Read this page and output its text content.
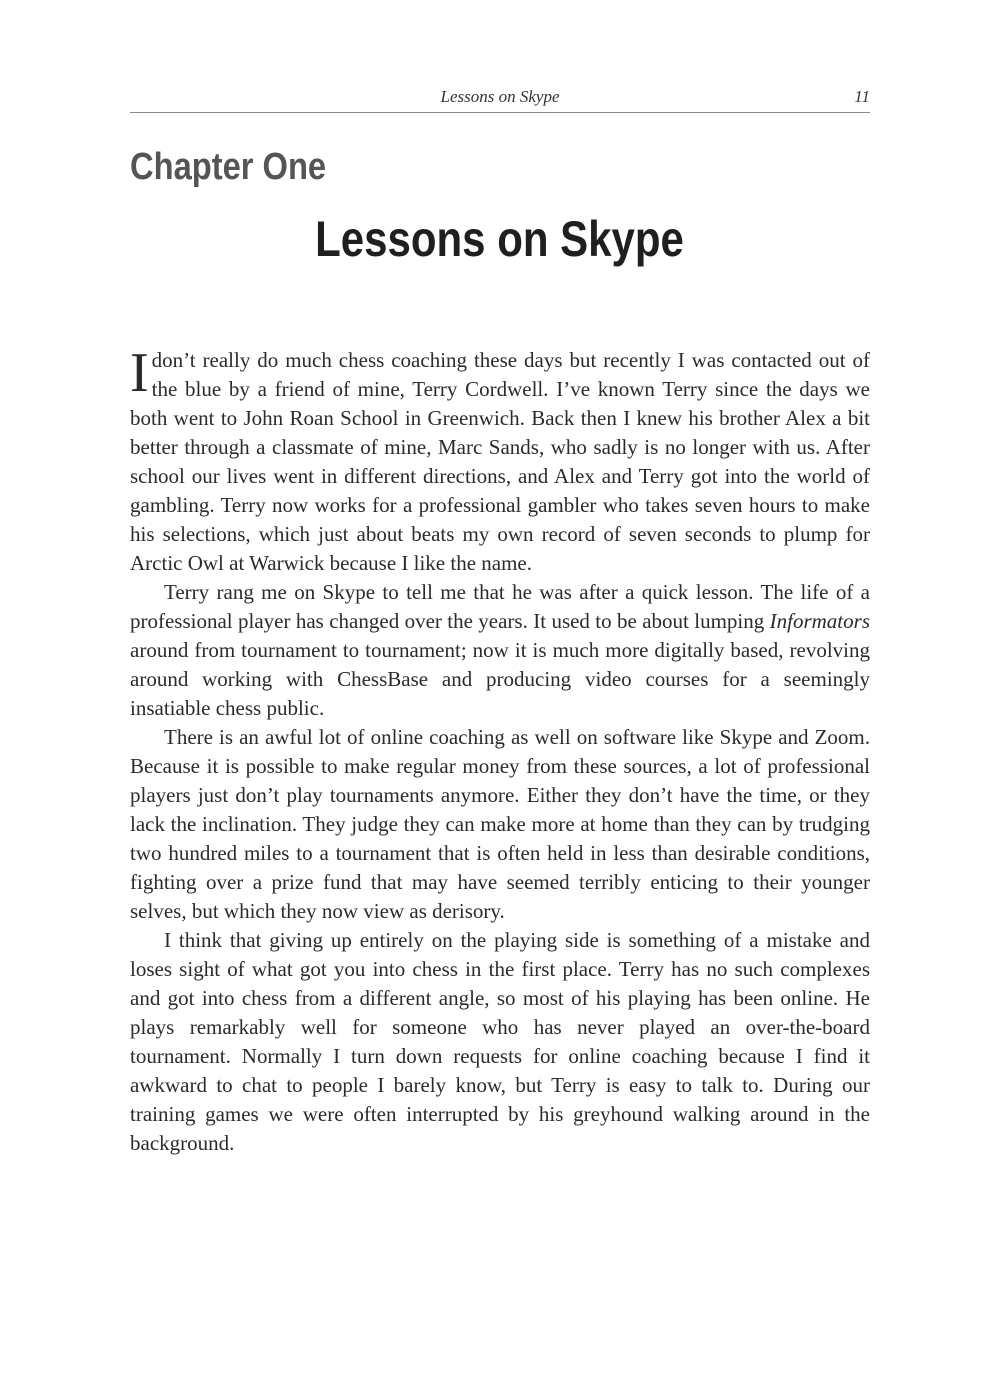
Lessons on Skype	11
Chapter One
Lessons on Skype

I don’t really do much chess coaching these days but recently I was contacted out of the blue by a friend of mine, Terry Cordwell. I’ve known Terry since the days we both went to John Roan School in Greenwich. Back then I knew his brother Alex a bit better through a classmate of mine, Marc Sands, who sadly is no longer with us. After school our lives went in different directions, and Alex and Terry got into the world of gambling. Terry now works for a professional gambler who takes seven hours to make his selections, which just about beats my own record of seven seconds to plump for Arctic Owl at Warwick because I like the name.

Terry rang me on Skype to tell me that he was after a quick lesson. The life of a professional player has changed over the years. It used to be about lumping Informators around from tournament to tournament; now it is much more digitally based, revolving around working with ChessBase and producing video courses for a seemingly insatiable chess public.

There is an awful lot of online coaching as well on software like Skype and Zoom. Because it is possible to make regular money from these sources, a lot of professional players just don’t play tournaments anymore. Either they don’t have the time, or they lack the inclination. They judge they can make more at home than they can by trudging two hundred miles to a tournament that is often held in less than desirable conditions, fighting over a prize fund that may have seemed terribly enticing to their younger selves, but which they now view as derisory.

I think that giving up entirely on the playing side is something of a mistake and loses sight of what got you into chess in the first place. Terry has no such complexes and got into chess from a different angle, so most of his playing has been online. He plays remarkably well for someone who has never played an over-the-board tournament. Normally I turn down requests for online coaching because I find it awkward to chat to people I barely know, but Terry is easy to talk to. During our training games we were often interrupted by his greyhound walking around in the background.
